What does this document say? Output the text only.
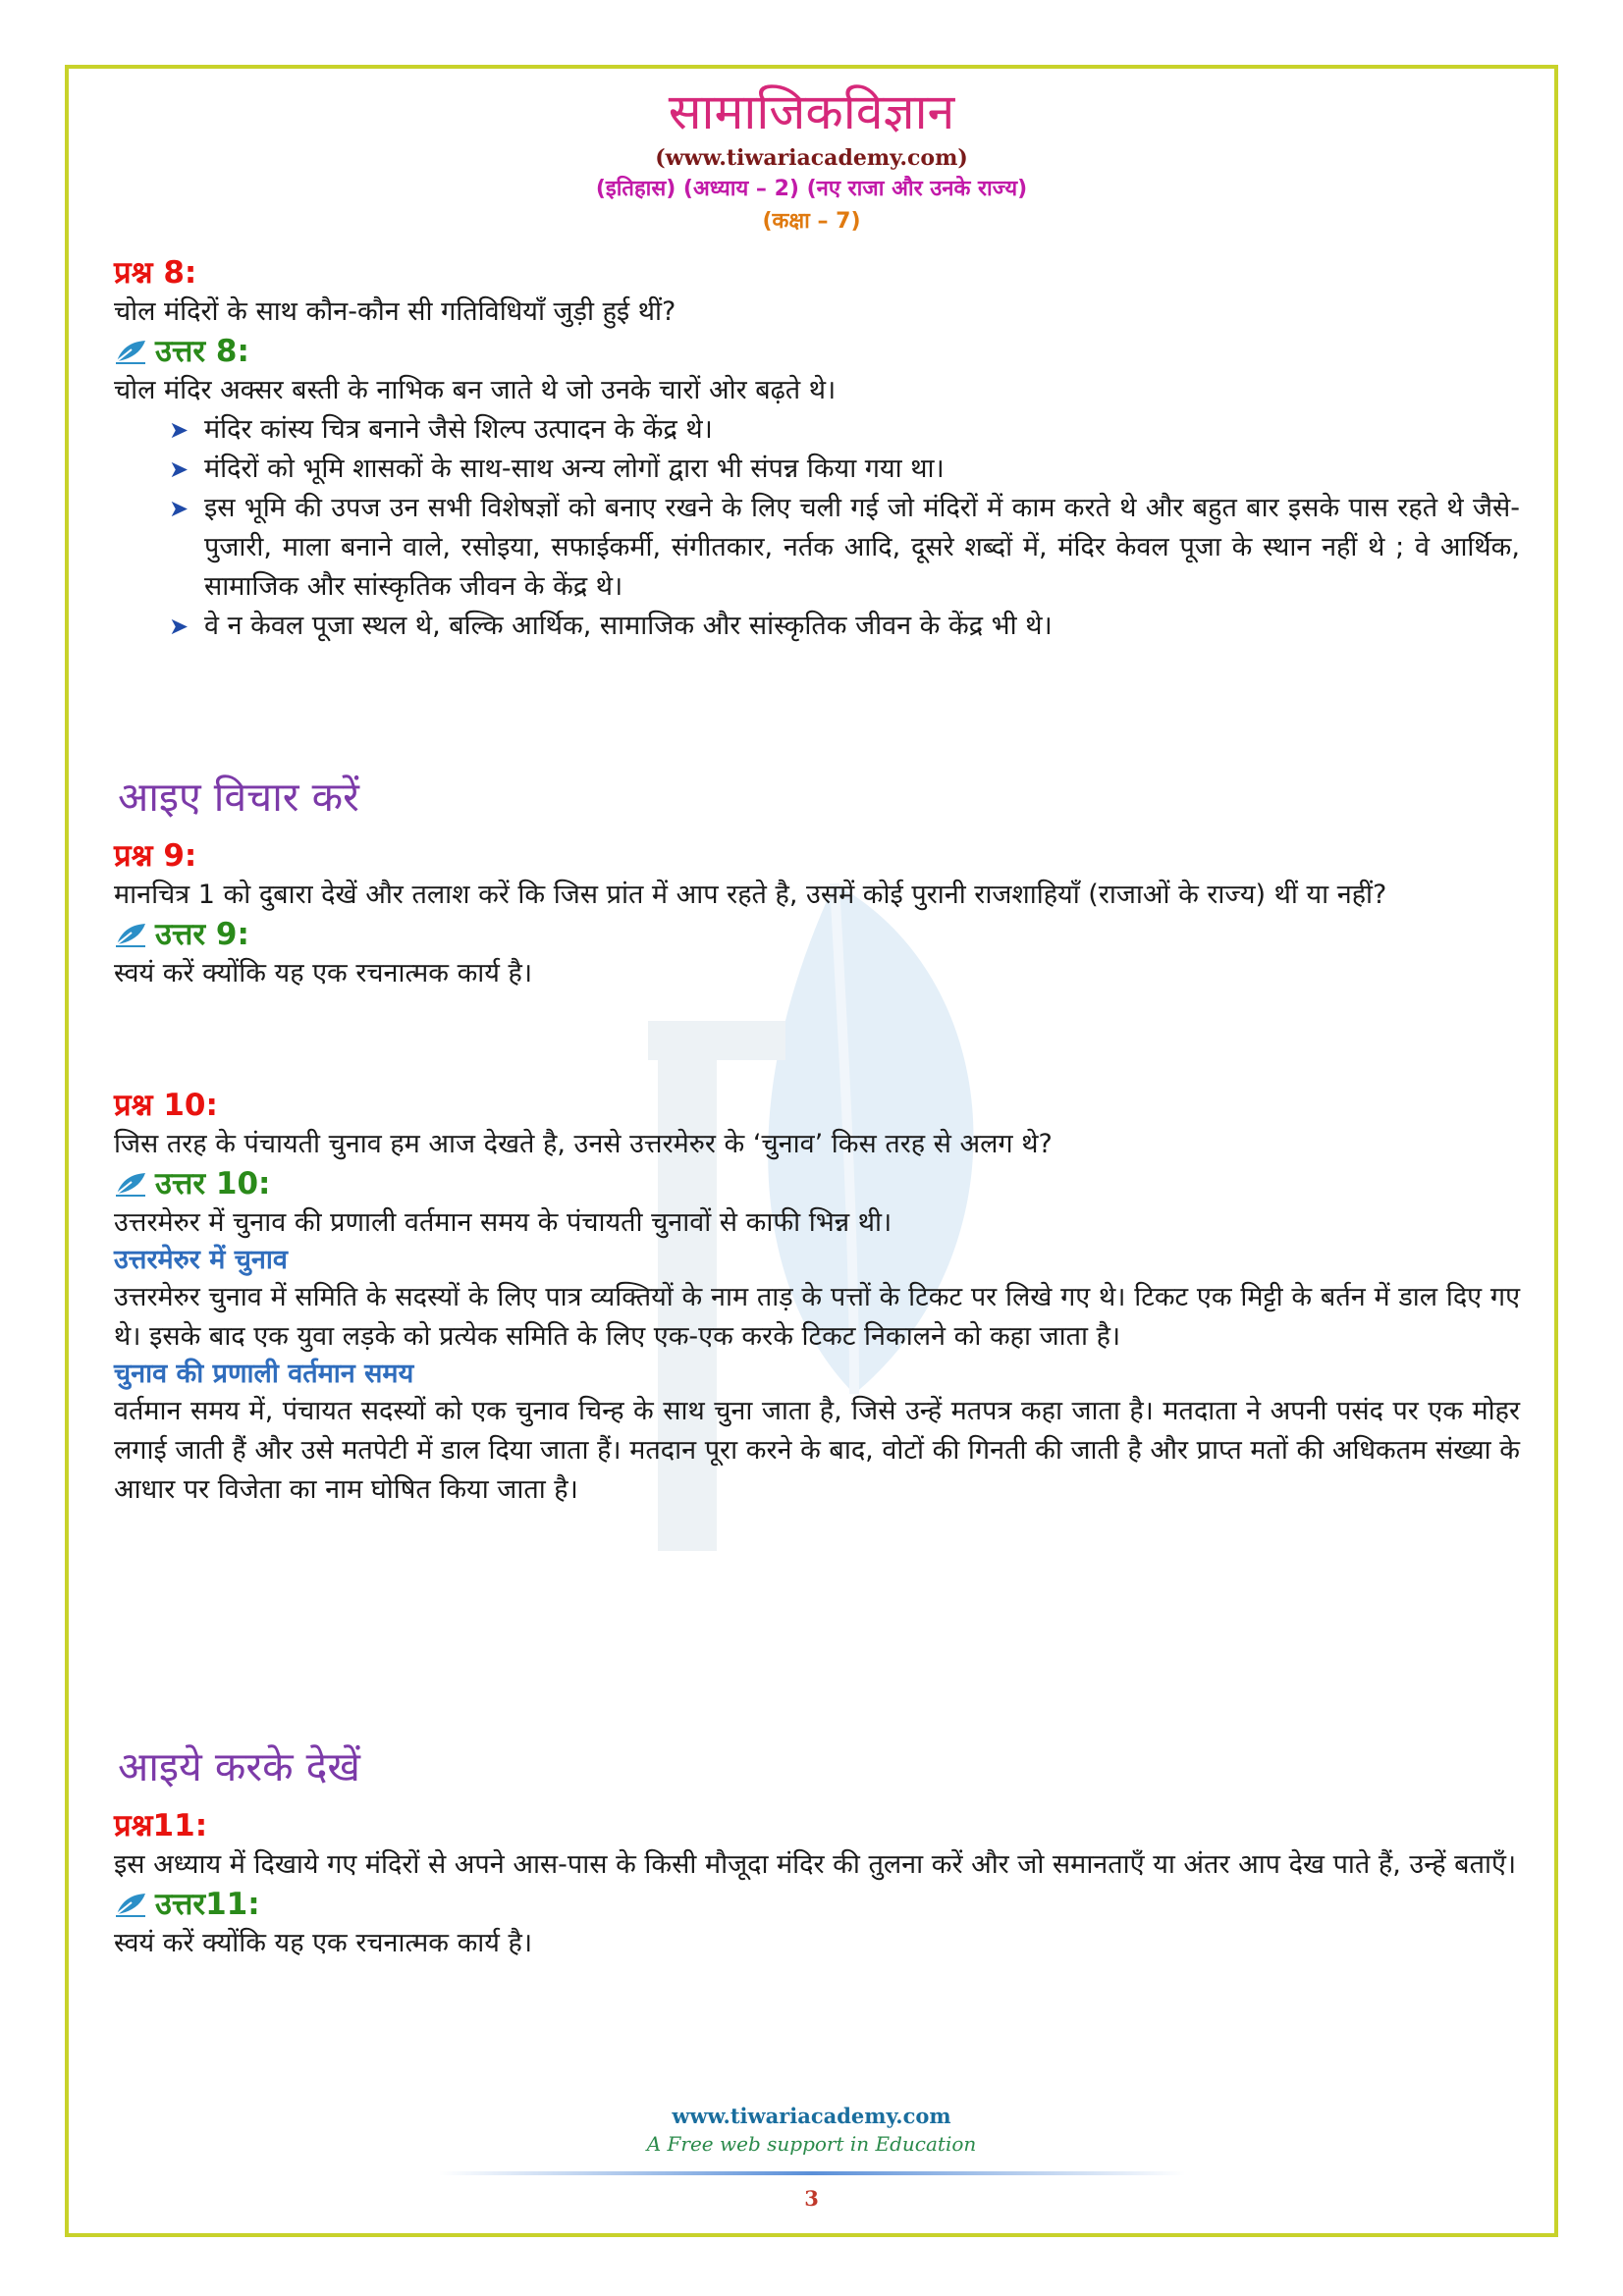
सामाजिकविज्ञान
(www.tiwariacademy.com)
(इतिहास) (अध्याय – 2) (नए राजा और उनके राज्य)
(कक्षा – 7)
प्रश्न 8:
चोल मंदिरों के साथ कौन-कौन सी गतिविधियाँ जुड़ी हुई थीं?
उत्तर 8:
चोल मंदिर अक्सर बस्ती के नाभिक बन जाते थे जो उनके चारों ओर बढ़ते थे।
➤ मंदिर कांस्य चित्र बनाने जैसे शिल्प उत्पादन के केंद्र थे।
➤ मंदिरों को भूमि शासकों के साथ-साथ अन्य लोगों द्वारा भी संपन्न किया गया था।
➤ इस भूमि की उपज उन सभी विशेषज्ञों को बनाए रखने के लिए चली गई जो मंदिरों में काम करते थे और बहुत बार इसके पास रहते थे जैसे-पुजारी, माला बनाने वाले, रसोइया, सफाईकर्मी, संगीतकार, नर्तक आदि, दूसरे शब्दों में, मंदिर केवल पूजा के स्थान नहीं थे ; वे आर्थिक, सामाजिक और सांस्कृतिक जीवन के केंद्र थे।
➤ वे न केवल पूजा स्थल थे, बल्कि आर्थिक, सामाजिक और सांस्कृतिक जीवन के केंद्र भी थे।
आइए विचार करें
प्रश्न 9:
मानचित्र 1 को दुबारा देखें और तलाश करें कि जिस प्रांत में आप रहते है, उसमें कोई पुरानी राजशाहियाँ (राजाओं के राज्य) थीं या नहीं?
उत्तर 9:
स्वयं करें क्योंकि यह एक रचनात्मक कार्य है।
प्रश्न 10:
जिस तरह के पंचायती चुनाव हम आज देखते है, उनसे उत्तरमेरुर के ‘चुनाव’ किस तरह से अलग थे?
उत्तर 10:
उत्तरमेरुर में चुनाव की प्रणाली वर्तमान समय के पंचायती चुनावों से काफी भिन्न थी।
उत्तरमेरुर में चुनाव
उत्तरमेरुर चुनाव में समिति के सदस्यों के लिए पात्र व्यक्तियों के नाम ताड़ के पत्तों के टिकट पर लिखे गए थे। टिकट एक मिट्टी के बर्तन में डाल दिए गए थे। इसके बाद एक युवा लड़के को प्रत्येक समिति के लिए एक-एक करके टिकट निकालने को कहा जाता है।
चुनाव की प्रणाली वर्तमान समय
वर्तमान समय में, पंचायत सदस्यों को एक चुनाव चिन्ह के साथ चुना जाता है, जिसे उन्हें मतपत्र कहा जाता है। मतदाता ने अपनी पसंद पर एक मोहर लगाई जाती हैं और उसे मतपेटी में डाल दिया जाता हैं। मतदान पूरा करने के बाद, वोटों की गिनती की जाती है और प्राप्त मतों की अधिकतम संख्या के आधार पर विजेता का नाम घोषित किया जाता है।
आइये करके देखें
प्रश्न11:
इस अध्याय में दिखाये गए मंदिरों से अपने आस-पास के किसी मौजूदा मंदिर की तुलना करें और जो समानताएँ या अंतर आप देख पाते हैं, उन्हें बताएँ।
उत्तर11:
स्वयं करें क्योंकि यह एक रचनात्मक कार्य है।
www.tiwariacademy.com
A Free web support in Education
3
